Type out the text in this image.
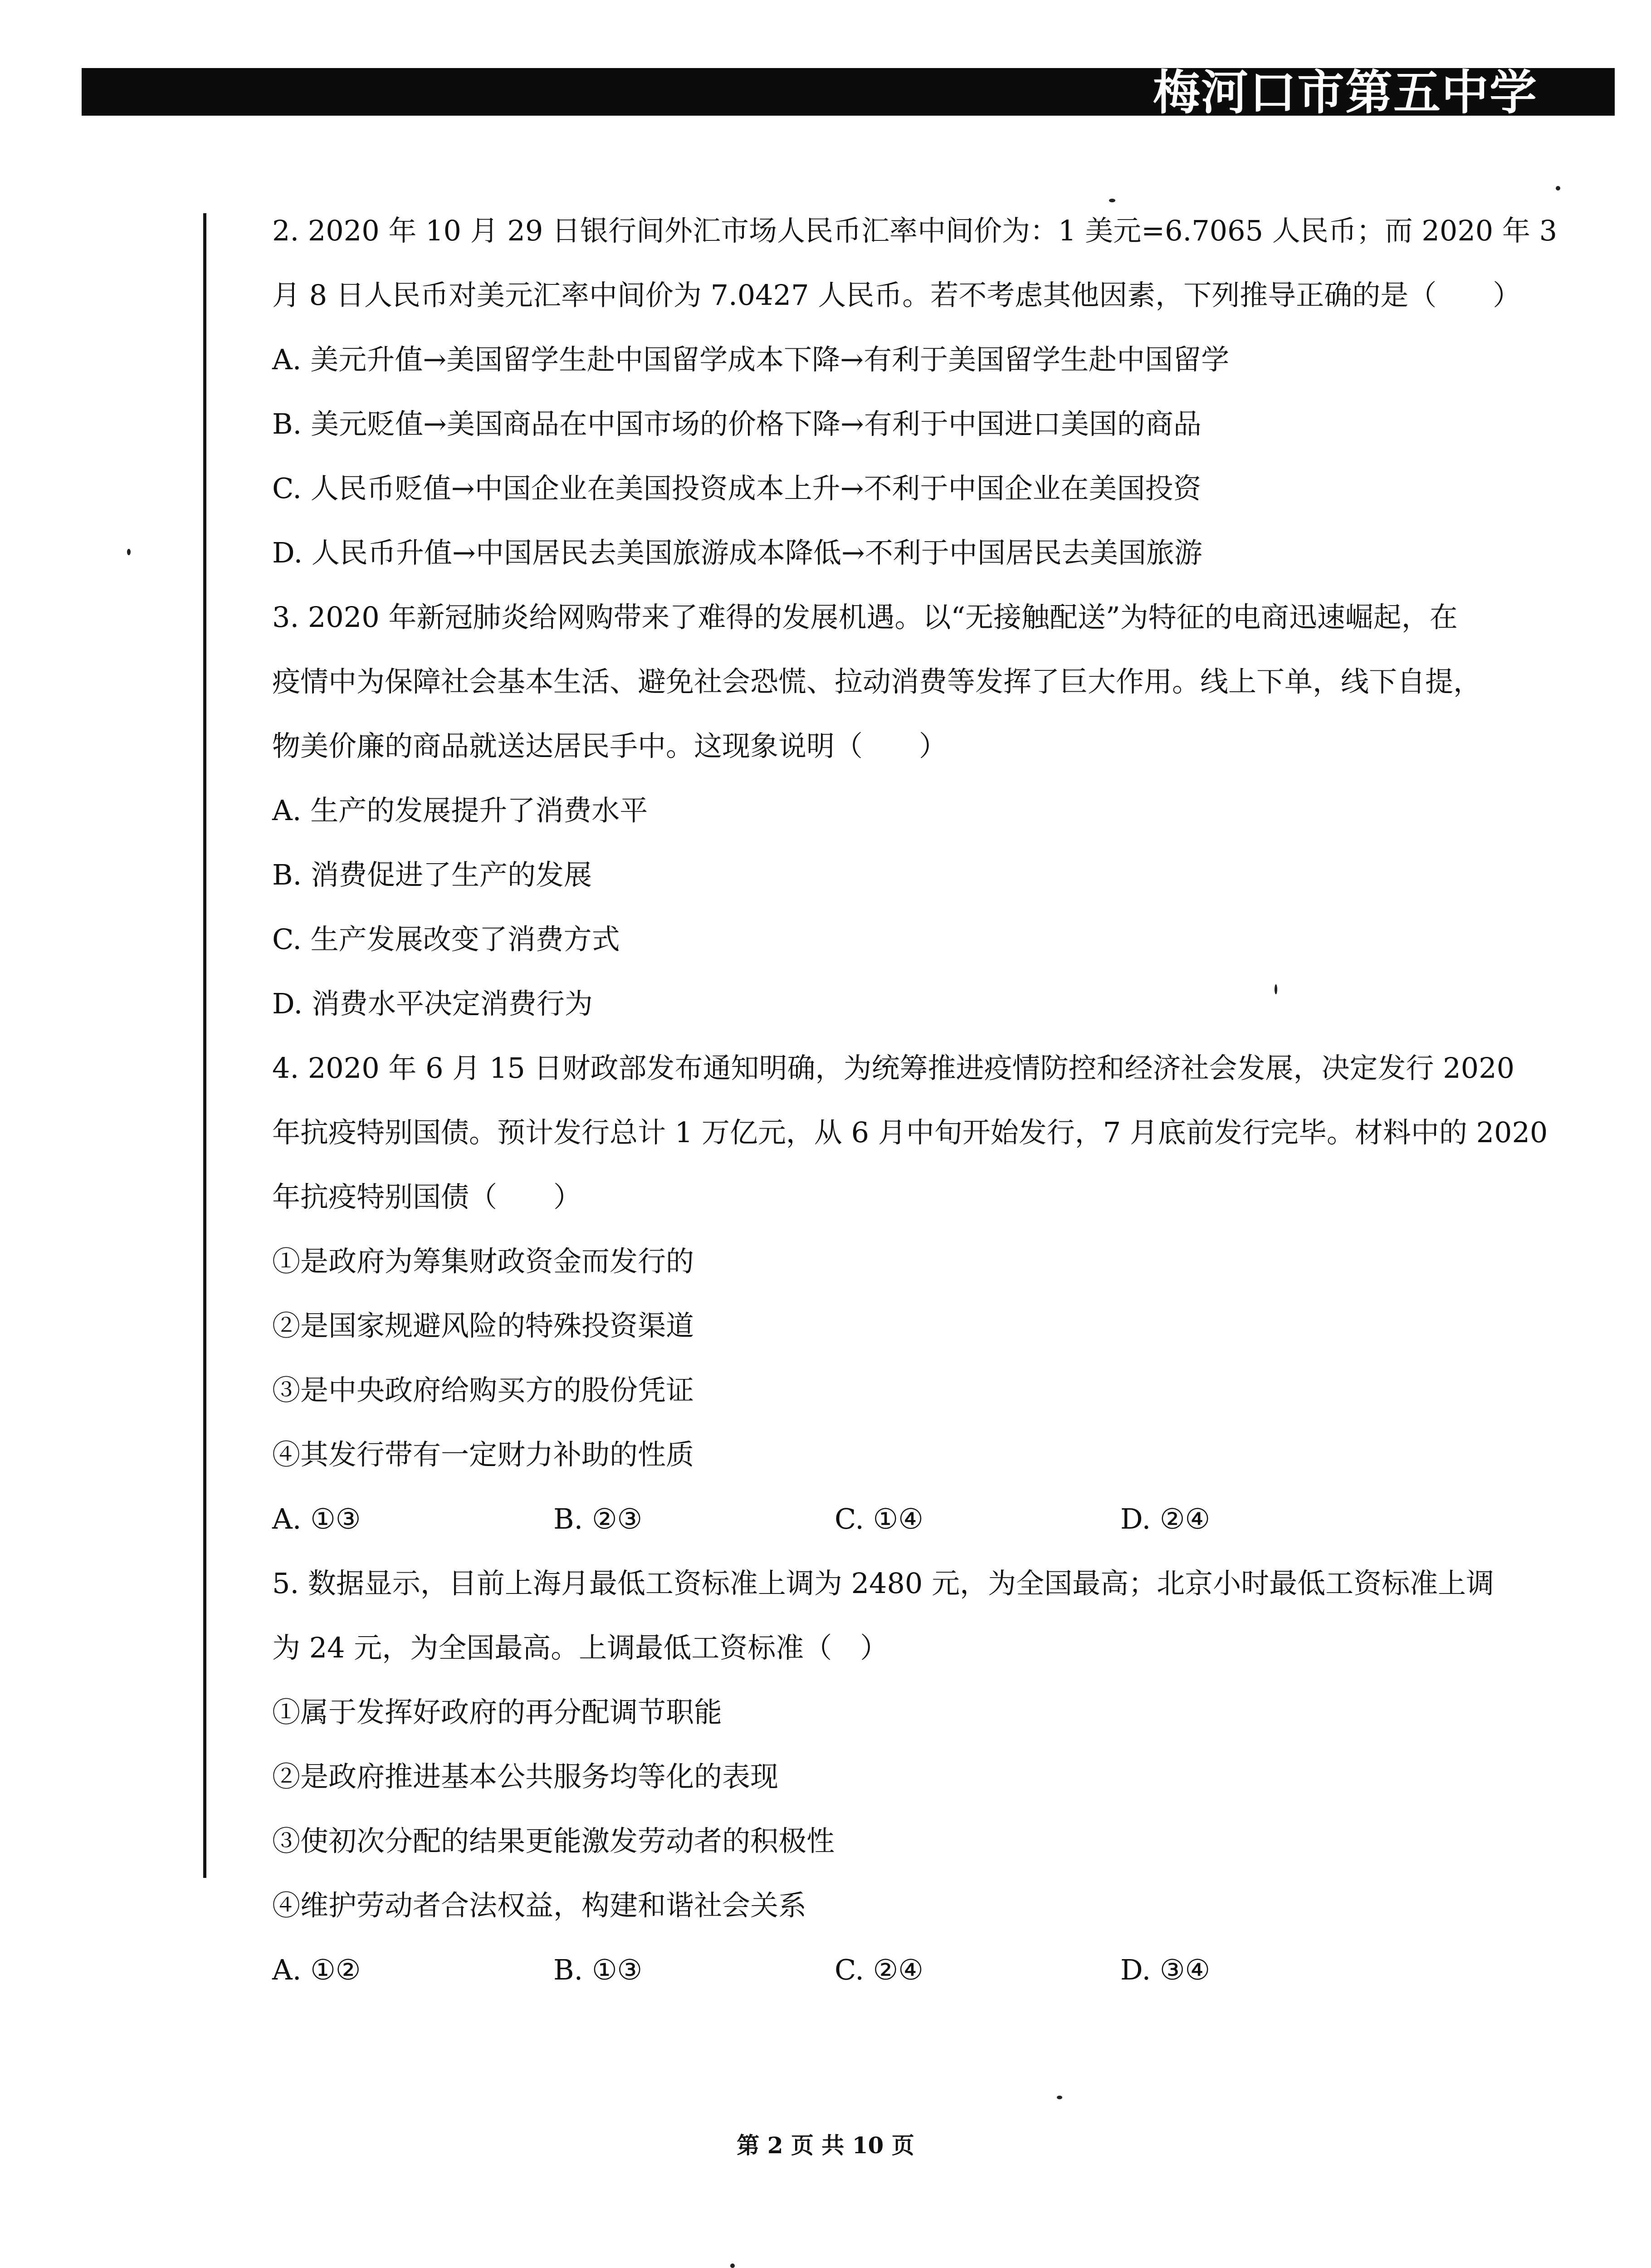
梅河口市第五中学
2. 2020 年 10 月 29 日银行间外汇市场人民币汇率中间价为：1 美元=6.7065 人民币；而 2020 年 3
月 8 日人民币对美元汇率中间价为 7.0427 人民币。若不考虑其他因素，下列推导正确的是（　　）
A. 美元升值→美国留学生赴中国留学成本下降→有利于美国留学生赴中国留学
B. 美元贬值→美国商品在中国市场的价格下降→有利于中国进口美国的商品
C. 人民币贬值→中国企业在美国投资成本上升→不利于中国企业在美国投资
D. 人民币升值→中国居民去美国旅游成本降低→不利于中国居民去美国旅游
3. 2020 年新冠肺炎给网购带来了难得的发展机遇。以“无接触配送”为特征的电商迅速崛起，在
疫情中为保障社会基本生活、避免社会恐慌、拉动消费等发挥了巨大作用。线上下单，线下自提，
物美价廉的商品就送达居民手中。这现象说明（　　）
A. 生产的发展提升了消费水平
B. 消费促进了生产的发展
C. 生产发展改变了消费方式
D. 消费水平决定消费行为
4. 2020 年 6 月 15 日财政部发布通知明确，为统筹推进疫情防控和经济社会发展，决定发行 2020
年抗疫特别国债。预计发行总计 1 万亿元，从 6 月中旬开始发行，7 月底前发行完毕。材料中的 2020
年抗疫特别国债（　　）
①是政府为筹集财政资金而发行的
②是国家规避风险的特殊投资渠道
③是中央政府给购买方的股份凭证
④其发行带有一定财力补助的性质
A. ①③	B. ②③	C. ①④	D. ②④
5. 数据显示，目前上海月最低工资标准上调为 2480 元，为全国最高；北京小时最低工资标准上调
为 24 元，为全国最高。上调最低工资标准（　）
①属于发挥好政府的再分配调节职能
②是政府推进基本公共服务均等化的表现
③使初次分配的结果更能激发劳动者的积极性
④维护劳动者合法权益，构建和谐社会关系
A. ①②	B. ①③	C. ②④	D. ③④
第 2 页 共 10 页
